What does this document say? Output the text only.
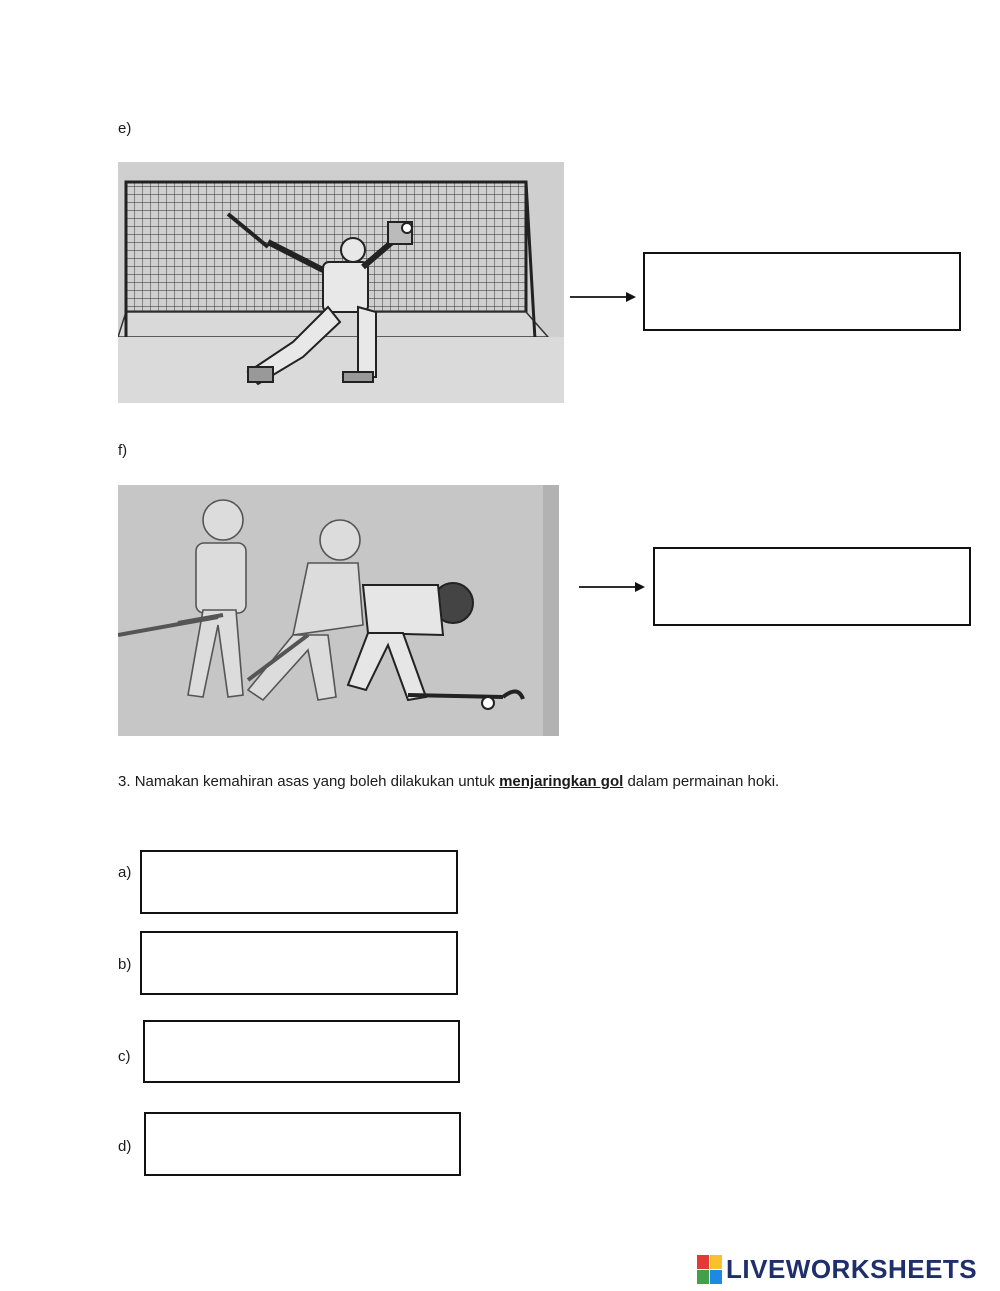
e)
f)
3. Namakan kemahiran asas yang boleh dilakukan untuk menjaringkan gol dalam permainan hoki.
a)
b)
c)
d)
LIVEWORKSHEETS
